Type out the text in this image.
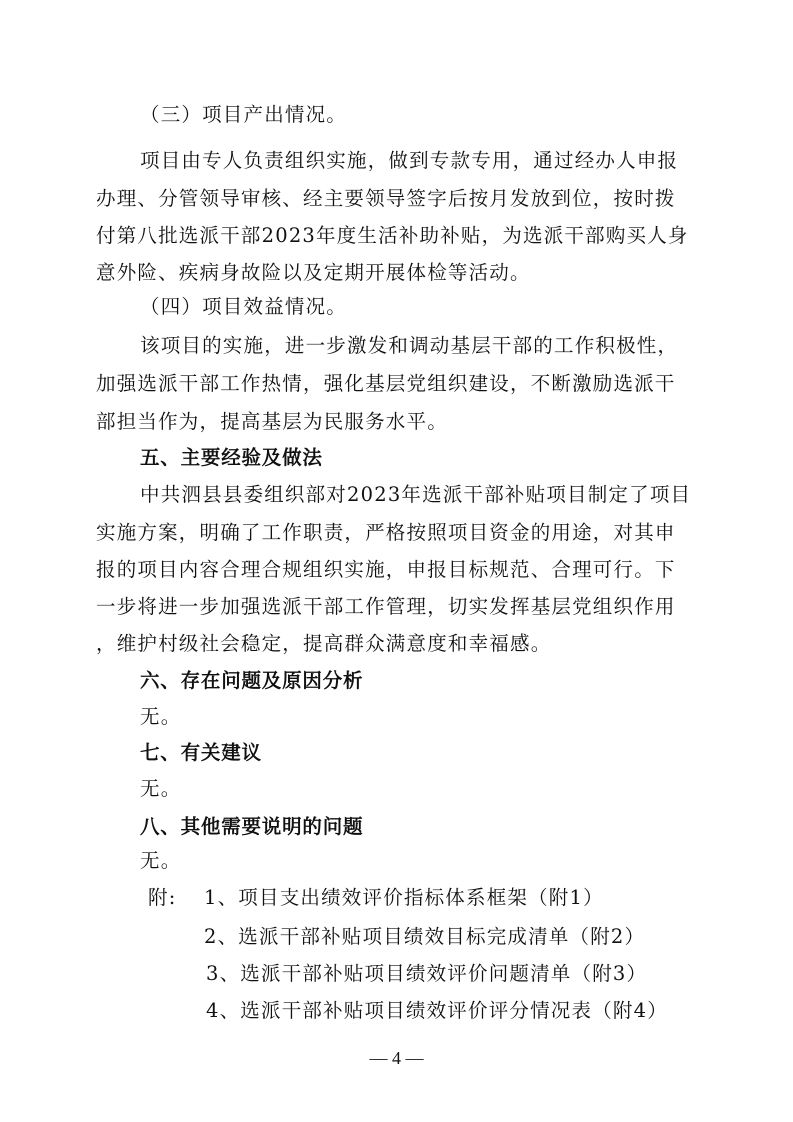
（三）项目产出情况。
项目由专人负责组织实施，做到专款专用，通过经办人申报
办理、分管领导审核、经主要领导签字后按月发放到位，按时拨
付第八批选派干部2023年度生活补助补贴，为选派干部购买人身
意外险、疾病身故险以及定期开展体检等活动。
（四）项目效益情况。
该项目的实施，进一步激发和调动基层干部的工作积极性，
加强选派干部工作热情，强化基层党组织建设，不断激励选派干
部担当作为，提高基层为民服务水平。
五、主要经验及做法
中共泗县县委组织部对2023年选派干部补贴项目制定了项目
实施方案，明确了工作职责，严格按照项目资金的用途，对其申
报的项目内容合理合规组织实施，申报目标规范、合理可行。下
一步将进一步加强选派干部工作管理，切实发挥基层党组织作用
，维护村级社会稳定，提高群众满意度和幸福感。
六、存在问题及原因分析
无。
七、有关建议
无。
八、其他需要说明的问题
无。
附: 1、项目支出绩效评价指标体系框架（附1）
2、选派干部补贴项目绩效目标完成清单（附2）
3、选派干部补贴项目绩效评价问题清单（附3）
4、选派干部补贴项目绩效评价评分情况表（附4）
— 4 —
